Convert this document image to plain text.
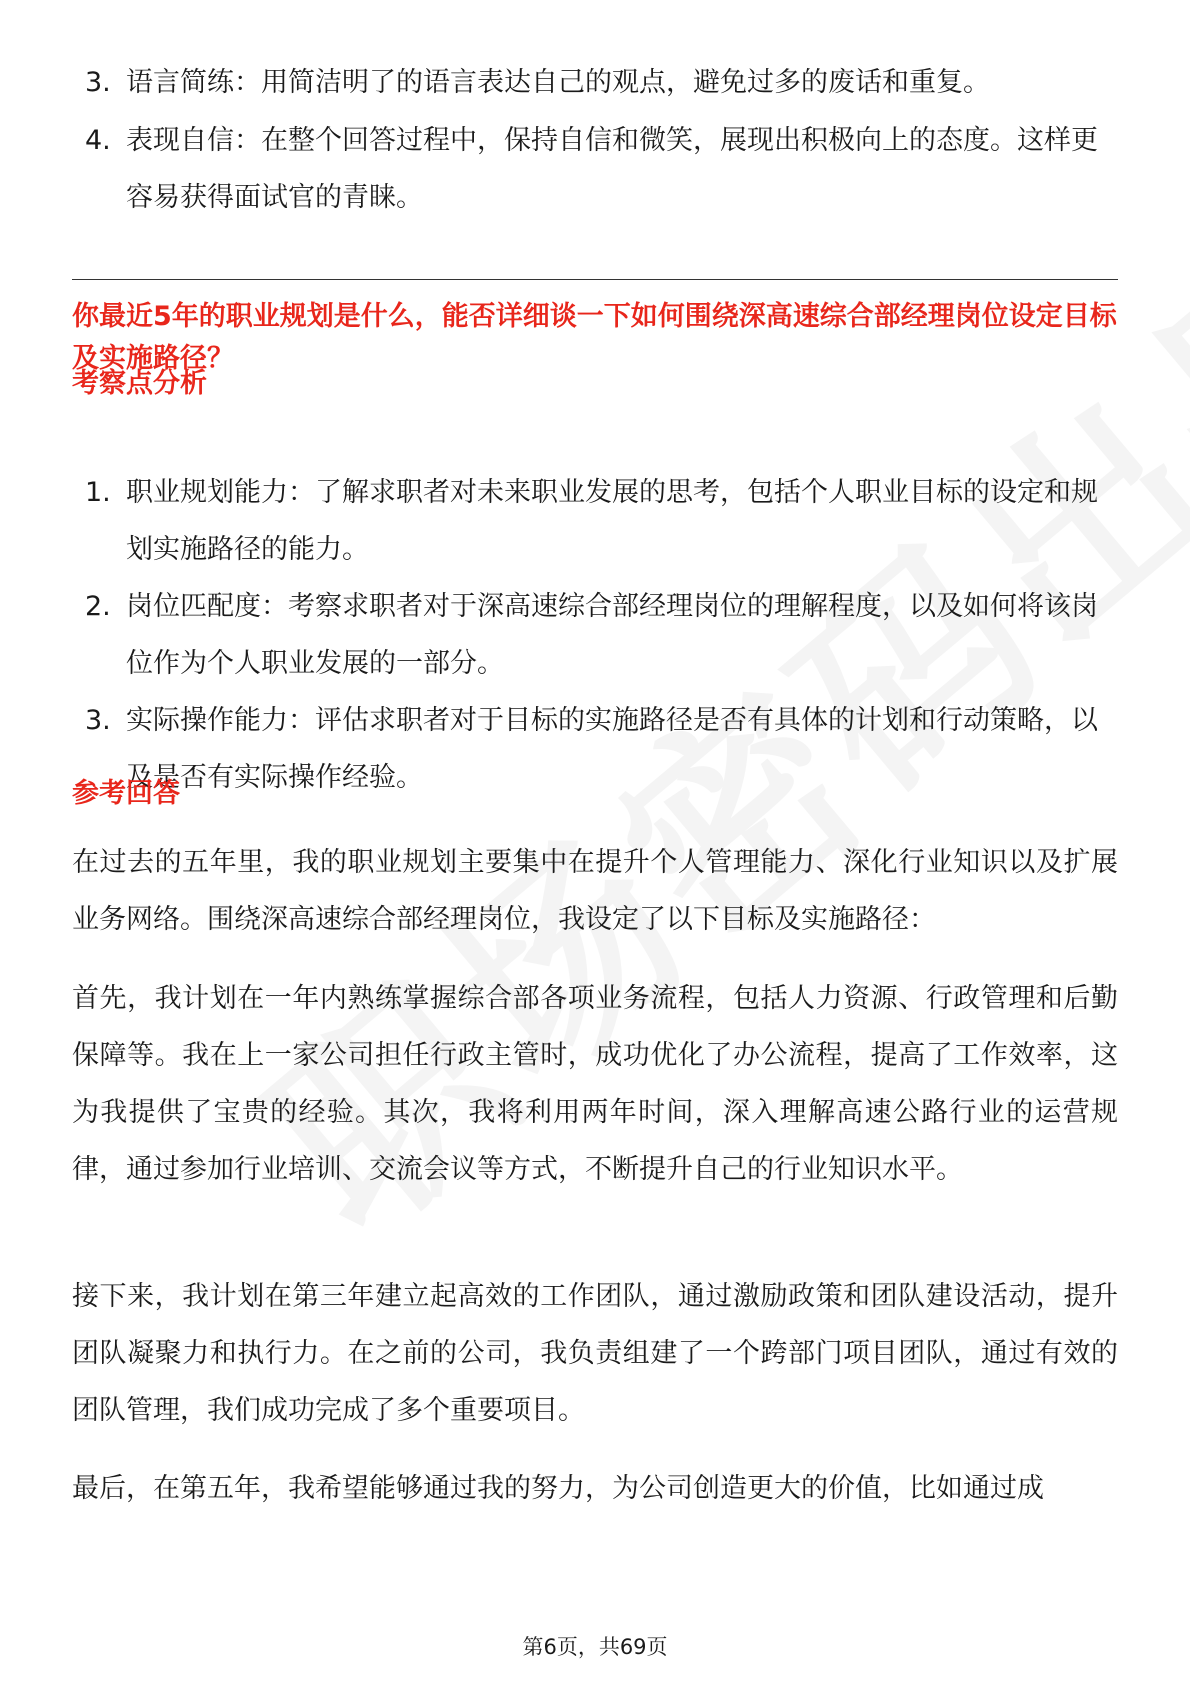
3. 语言简练：用简洁明了的语言表达自己的观点，避免过多的废话和重复。
4. 表现自信：在整个回答过程中，保持自信和微笑，展现出积极向上的态度。这样更容易获得面试官的青睐。
你最近5年的职业规划是什么，能否详细谈一下如何围绕深高速综合部经理岗位设定目标及实施路径？
考察点分析
1. 职业规划能力：了解求职者对未来职业发展的思考，包括个人职业目标的设定和规划实施路径的能力。
2. 岗位匹配度：考察求职者对于深高速综合部经理岗位的理解程度，以及如何将该岗位作为个人职业发展的一部分。
3. 实际操作能力：评估求职者对于目标的实施路径是否有具体的计划和行动策略，以及是否有实际操作经验。
参考回答

在过去的五年里，我的职业规划主要集中在提升个人管理能力、深化行业知识以及扩展业务网络。围绕深高速综合部经理岗位，我设定了以下目标及实施路径：

首先，我计划在一年内熟练掌握综合部各项业务流程，包括人力资源、行政管理和后勤保障等。我在上一家公司担任行政主管时，成功优化了办公流程，提高了工作效率，这为我提供了宝贵的经验。其次，我将利用两年时间，深入理解高速公路行业的运营规律，通过参加行业培训、交流会议等方式，不断提升自己的行业知识水平。

接下来，我计划在第三年建立起高效的工作团队，通过激励政策和团队建设活动，提升团队凝聚力和执行力。在之前的公司，我负责组建了一个跨部门项目团队，通过有效的团队管理，我们成功完成了多个重要项目。

最后，在第五年，我希望能够通过我的努力，为公司创造更大的价值，比如通过成

第6页，共69页
